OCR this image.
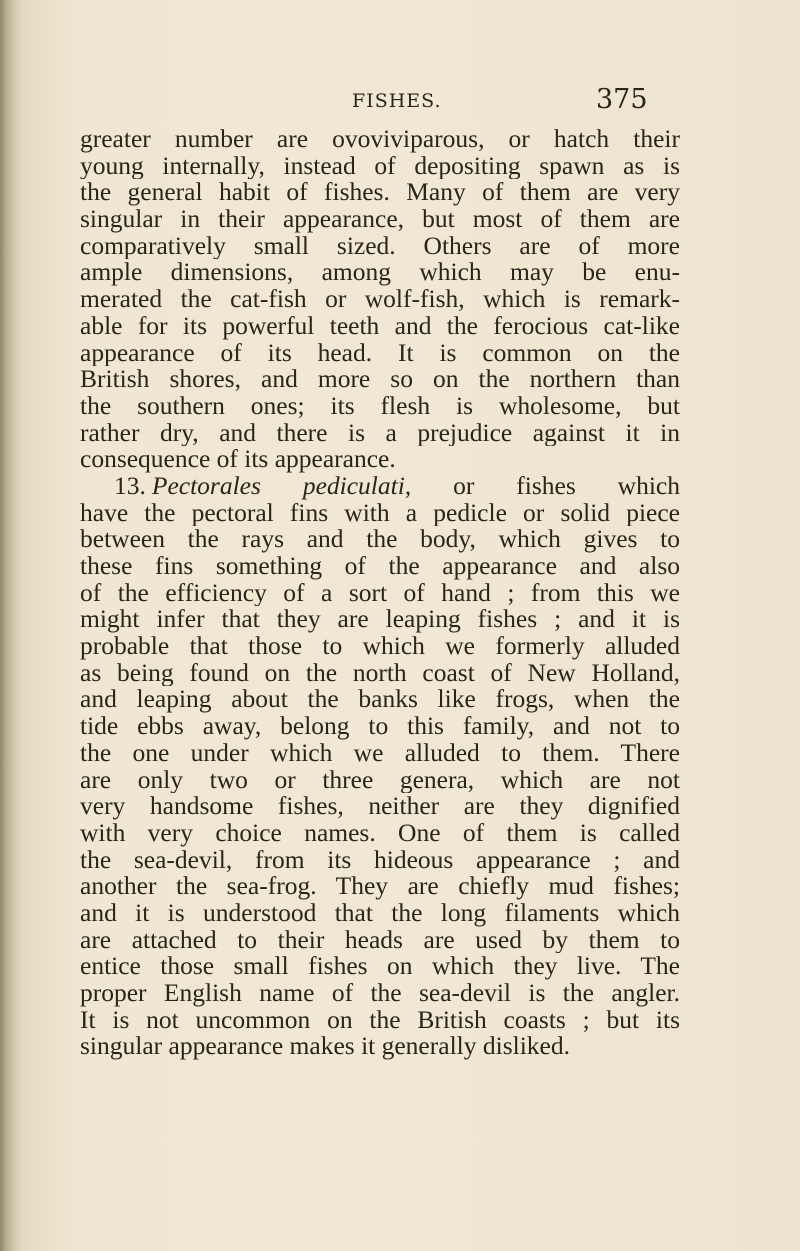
FISHES.	375
greater number are ovoviviparous, or hatch their
young internally, instead of depositing spawn as is
the general habit of fishes. Many of them are very
singular in their appearance, but most of them are
comparatively small sized. Others are of more
ample dimensions, among which may be enu-
merated the cat-fish or wolf-fish, which is remark-
able for its powerful teeth and the ferocious cat-like
appearance of its head. It is common on the
British shores, and more so on the northern than
the southern ones; its flesh is wholesome, but
rather dry, and there is a prejudice against it in
consequence of its appearance.
13. Pectorales pediculati, or fishes which
have the pectoral fins with a pedicle or solid piece
between the rays and the body, which gives to
these fins something of the appearance and also
of the efficiency of a sort of hand ; from this we
might infer that they are leaping fishes ; and it is
probable that those to which we formerly alluded
as being found on the north coast of New Holland,
and leaping about the banks like frogs, when the
tide ebbs away, belong to this family, and not to
the one under which we alluded to them. There
are only two or three genera, which are not
very handsome fishes, neither are they dignified
with very choice names. One of them is called
the sea-devil, from its hideous appearance ; and
another the sea-frog. They are chiefly mud fishes;
and it is understood that the long filaments which
are attached to their heads are used by them to
entice those small fishes on which they live. The
proper English name of the sea-devil is the angler.
It is not uncommon on the British coasts ; but its
singular appearance makes it generally disliked.
